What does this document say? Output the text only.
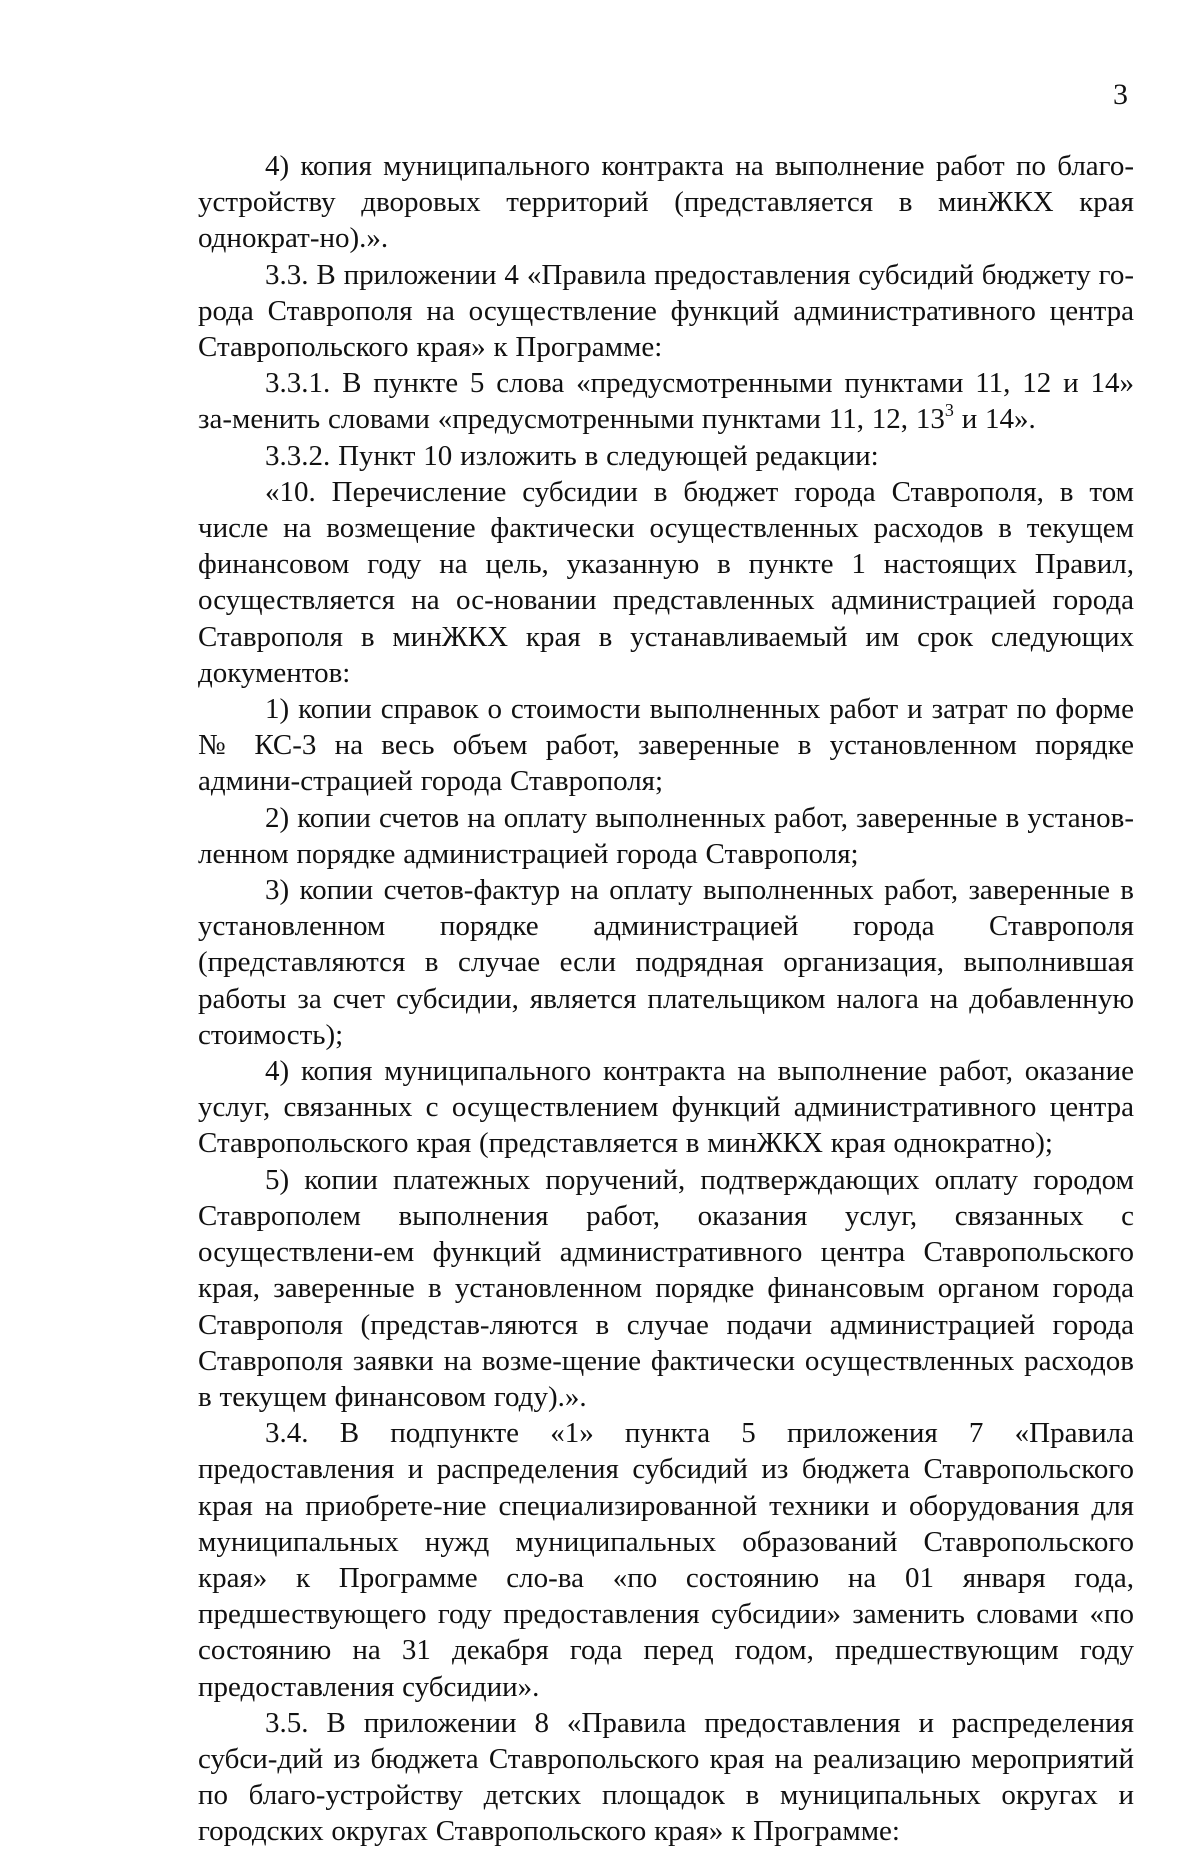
3

4) копия муниципального контракта на выполнение работ по благо-устройству дворовых территорий (представляется в минЖКХ края однократ-но).».

3.3. В приложении 4 «Правила предоставления субсидий бюджету го-рода Ставрополя на осуществление функций административного центра Ставропольского края» к Программе:

3.3.1. В пункте 5 слова «предусмотренными пунктами 11, 12 и 14» за-менить словами «предусмотренными пунктами 11, 12, $13^3$ и 14».

3.3.2. Пункт 10 изложить в следующей редакции:

«10. Перечисление субсидии в бюджет города Ставрополя, в том числе на возмещение фактически осуществленных расходов в текущем финансовом году на цель, указанную в пункте 1 настоящих Правил, осуществляется на ос-новании представленных администрацией города Ставрополя в минЖКХ края в устанавливаемый им срок следующих документов:

1) копии справок о стоимости выполненных работ и затрат по форме № КС-3 на весь объем работ, заверенные в установленном порядке админи-страцией города Ставрополя;

2) копии счетов на оплату выполненных работ, заверенные в установ-ленном порядке администрацией города Ставрополя;

3) копии счетов-фактур на оплату выполненных работ, заверенные в установленном порядке администрацией города Ставрополя (представляются в случае если подрядная организация, выполнившая работы за счет субсидии, является плательщиком налога на добавленную стоимость);

4) копия муниципального контракта на выполнение работ, оказание услуг, связанных с осуществлением функций административного центра Ставропольского края (представляется в минЖКХ края однократно);

5) копии платежных поручений, подтверждающих оплату городом Ставрополем выполнения работ, оказания услуг, связанных с осуществлени-ем функций административного центра Ставропольского края, заверенные в установленном порядке финансовым органом города Ставрополя (представ-ляются в случае подачи администрацией города Ставрополя заявки на возме-щение фактически осуществленных расходов в текущем финансовом году).».

3.4. В подпункте «1» пункта 5 приложения 7 «Правила предоставления и распределения субсидий из бюджета Ставропольского края на приобрете-ние специализированной техники и оборудования для муниципальных нужд муниципальных образований Ставропольского края» к Программе сло-ва «по состоянию на 01 января года, предшествующего году предоставления субсидии» заменить словами «по состоянию на 31 декабря года перед годом, предшествующим году предоставления субсидии».

3.5. В приложении 8 «Правила предоставления и распределения субси-дий из бюджета Ставропольского края на реализацию мероприятий по благо-устройству детских площадок в муниципальных округах и городских округах Ставропольского края» к Программе:
